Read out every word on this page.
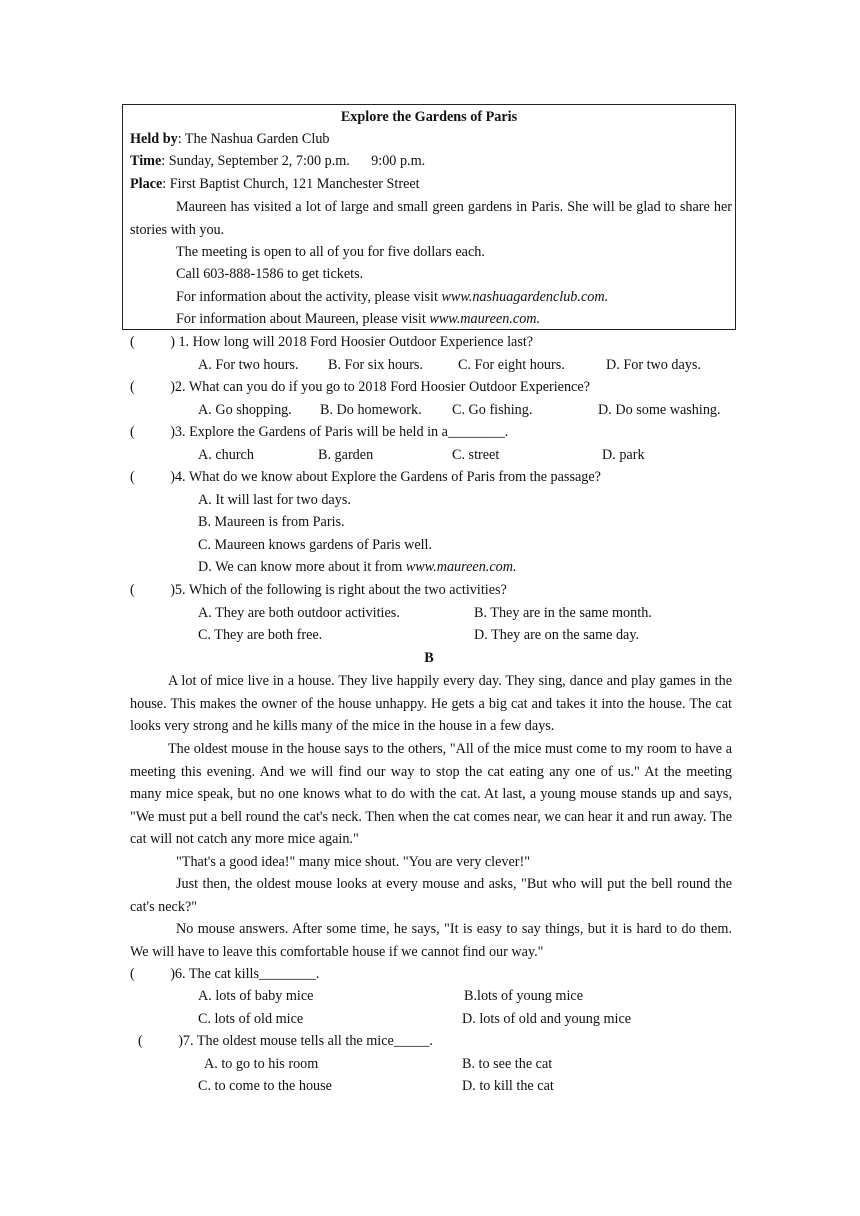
Explore the Gardens of Paris
Held by: The Nashua Garden Club
Time: Sunday, September 2, 7:00 p.m.      9:00 p.m.
Place: First Baptist Church, 121 Manchester Street
Maureen has visited a lot of large and small green gardens in Paris. She will be glad to share her stories with you.
The meeting is open to all of you for five dollars each.
Call 603-888-1586 to get tickets.
For information about the activity, please visit www.nashuagardenclub.com.
For information about Maureen, please visit www.maureen.com.
(          ) 1. How long will 2018 Ford Hoosier Outdoor Experience last?
A. For two hours. B. For six hours. C. For eight hours.	D. For two days.
(          )2. What can you do if you go to 2018 Ford Hoosier Outdoor Experience?
A. Go shopping. B. Do homework. C. Go fishing.	D. Do some washing.
(          )3. Explore the Gardens of Paris will be held in a________.
A. church	B. garden	C. street	D. park
(          )4. What do we know about Explore the Gardens of Paris from the passage?
A. It will last for two days.
B. Maureen is from Paris.
C. Maureen knows gardens of Paris well.
D. We can know more about it from www.maureen.com.
(          )5. Which of the following is right about the two activities?
A. They are both outdoor activities.	B. They are in the same month.
C. They are both free.	D. They are on the same day.
B
A lot of mice live in a house. They live happily every day. They sing, dance and play games in the house. This makes the owner of the house unhappy. He gets a big cat and takes it into the house. The cat looks very strong and he kills many of the mice in the house in a few days.
The oldest mouse in the house says to the others, "All of the mice must come to my room to have a meeting this evening. And we will find our way to stop the cat eating any one of us." At the meeting many mice speak, but no one knows what to do with the cat. At last, a young mouse stands up and says, "We must put a bell round the cat's neck. Then when the cat comes near, we can hear it and run away. The cat will not catch any more mice again."
"That's a good idea!" many mice shout. "You are very clever!"
Just then, the oldest mouse looks at every mouse and asks, "But who will put the bell round the cat's neck?"
No mouse answers. After some time, he says, "It is easy to say things, but it is hard to do them. We will have to leave this comfortable house if we cannot find our way."
(          )6. The cat kills________.
A. lots of baby mice	B.lots of young mice
C. lots of old mice	D. lots of old and young mice
(          )7. The oldest mouse tells all the mice_____.
A. to go to his room	B. to see the cat
C. to come to the house	D. to kill the cat
